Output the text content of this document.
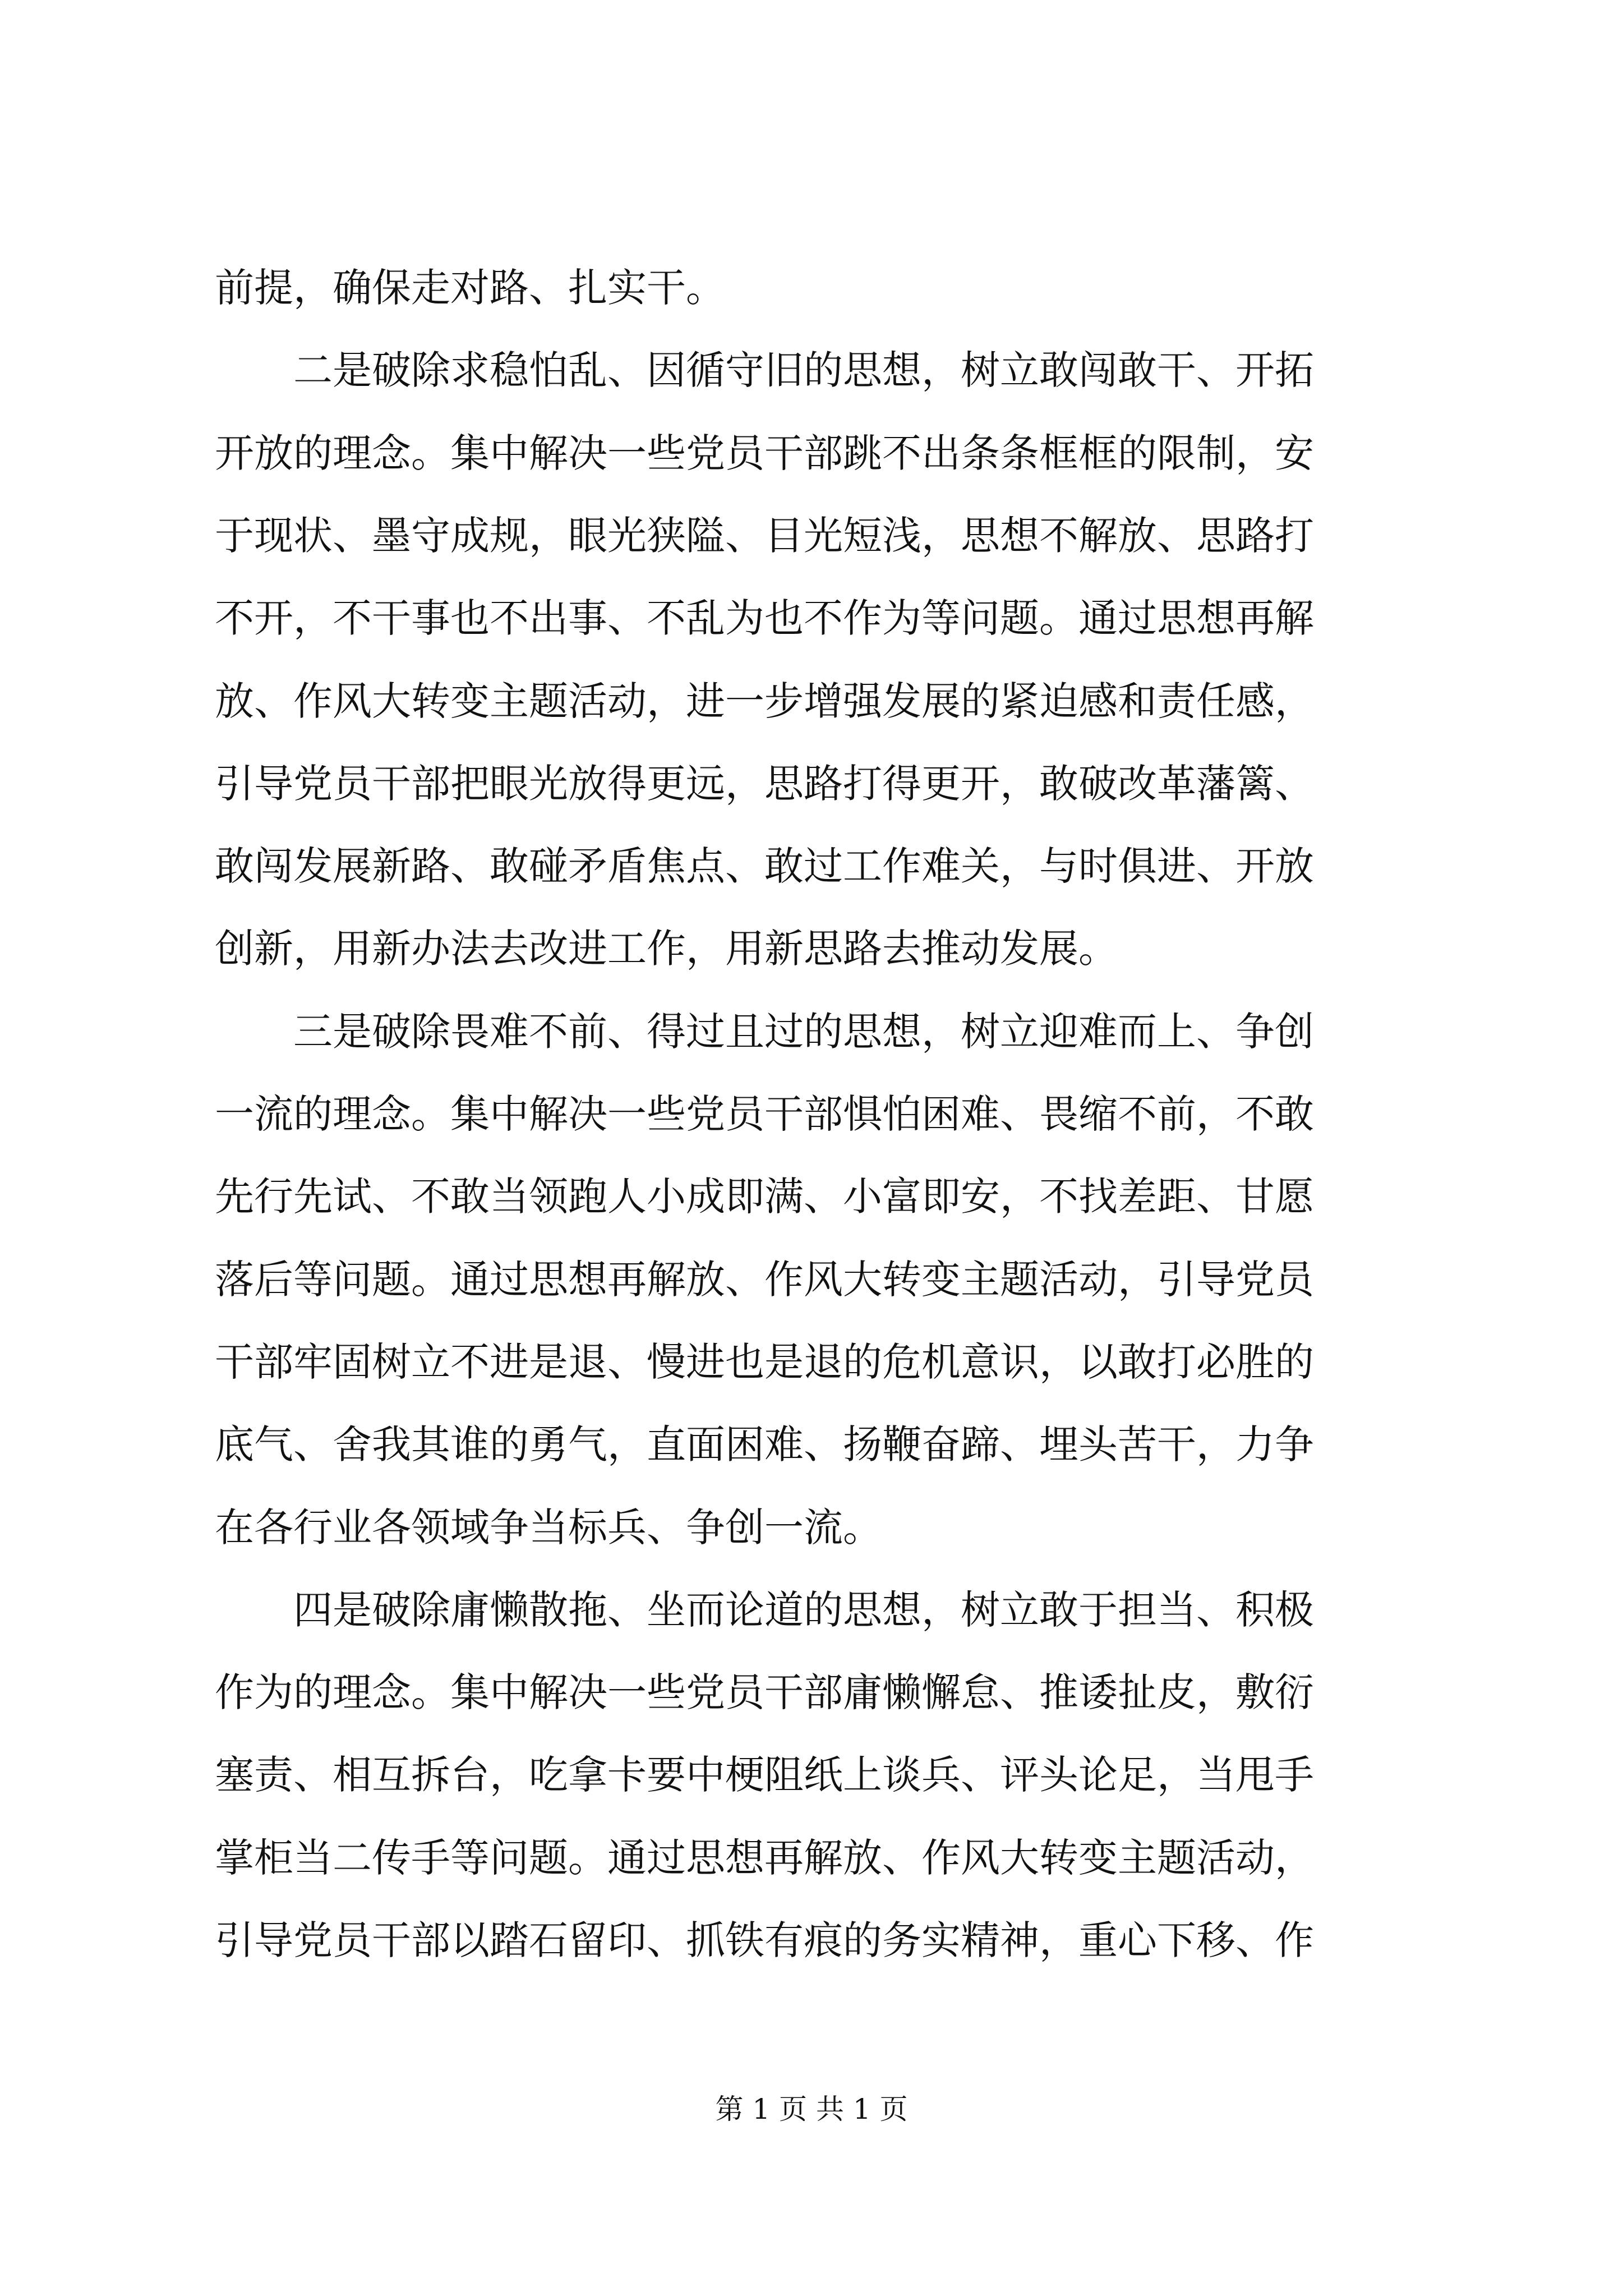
前提，确保走对路、扎实干。
二是破除求稳怕乱、因循守旧的思想，树立敢闯敢干、开拓
开放的理念。集中解决一些党员干部跳不出条条框框的限制，安
于现状、墨守成规，眼光狭隘、目光短浅，思想不解放、思路打
不开，不干事也不出事、不乱为也不作为等问题。通过思想再解
放、作风大转变主题活动，进一步增强发展的紧迫感和责任感，
引导党员干部把眼光放得更远，思路打得更开，敢破改革藩篱、
敢闯发展新路、敢碰矛盾焦点、敢过工作难关，与时俱进、开放
创新，用新办法去改进工作，用新思路去推动发展。
三是破除畏难不前、得过且过的思想，树立迎难而上、争创
一流的理念。集中解决一些党员干部惧怕困难、畏缩不前，不敢
先行先试、不敢当领跑人小成即满、小富即安，不找差距、甘愿
落后等问题。通过思想再解放、作风大转变主题活动，引导党员
干部牢固树立不进是退、慢进也是退的危机意识，以敢打必胜的
底气、舍我其谁的勇气，直面困难、扬鞭奋蹄、埋头苦干，力争
在各行业各领域争当标兵、争创一流。
四是破除庸懒散拖、坐而论道的思想，树立敢于担当、积极
作为的理念。集中解决一些党员干部庸懒懈怠、推诿扯皮，敷衍
塞责、相互拆台，吃拿卡要中梗阻纸上谈兵、评头论足，当甩手
掌柜当二传手等问题。通过思想再解放、作风大转变主题活动，
引导党员干部以踏石留印、抓铁有痕的务实精神，重心下移、作
第 1 页 共 1 页
